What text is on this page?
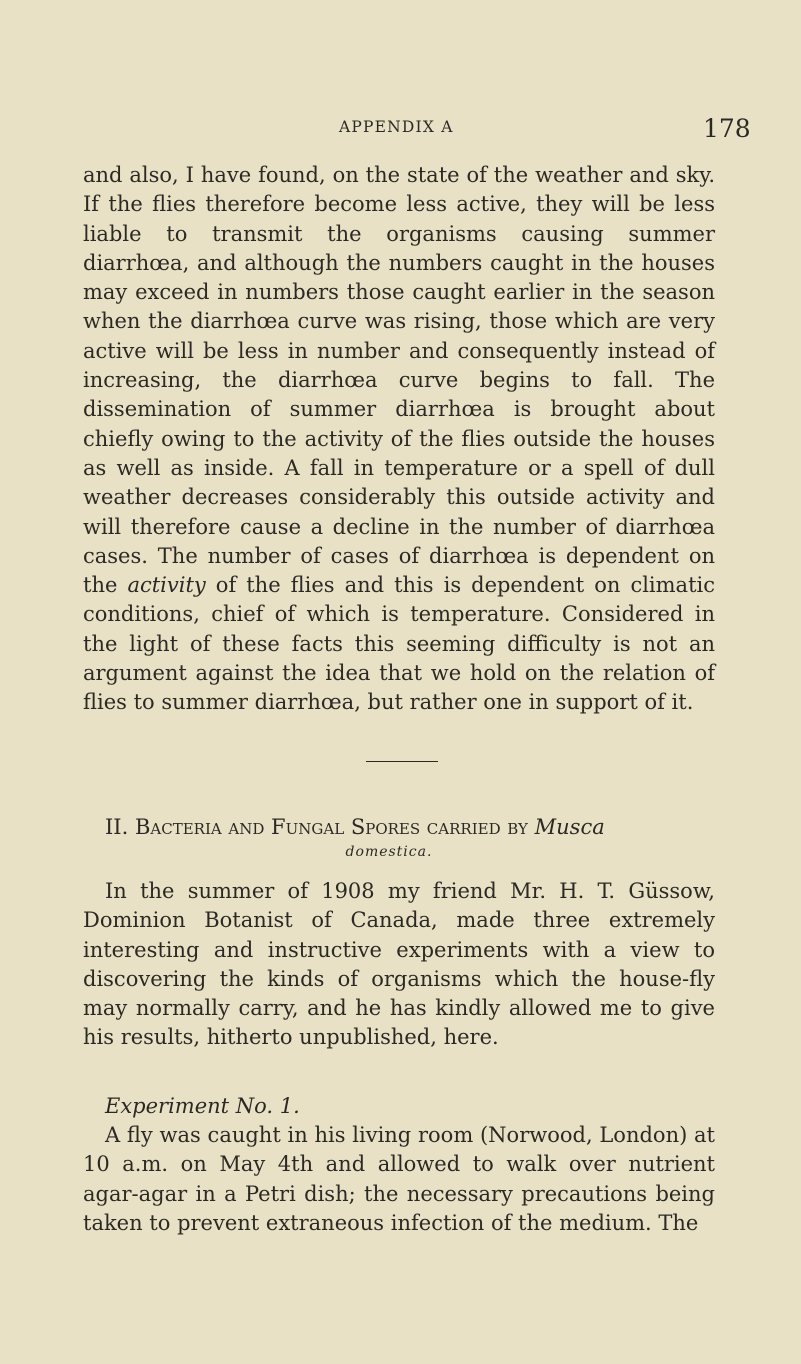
APPENDIX A	178

and also, I have found, on the state of the weather and sky. If the flies therefore become less active, they will be less liable to transmit the organisms causing summer diarrhœa, and although the numbers caught in the houses may exceed in numbers those caught earlier in the season when the diarrhœa curve was rising, those which are very active will be less in number and consequently instead of increasing, the diarrhœa curve begins to fall. The dissemination of summer diarrhœa is brought about chiefly owing to the activity of the flies outside the houses as well as inside. A fall in temperature or a spell of dull weather decreases considerably this outside activity and will therefore cause a decline in the number of diarrhœa cases. The number of cases of diarrhœa is dependent on the activity of the flies and this is dependent on climatic conditions, chief of which is temperature. Considered in the light of these facts this seeming difficulty is not an argument against the idea that we hold on the relation of flies to summer diarrhœa, but rather one in support of it.

II. Bacteria and Fungal Spores carried by Musca
domestica.

In the summer of 1908 my friend Mr. H. T. Güssow, Dominion Botanist of Canada, made three extremely interesting and instructive experiments with a view to discovering the kinds of organisms which the house-fly may normally carry, and he has kindly allowed me to give his results, hitherto unpublished, here.

Experiment No. 1.

A fly was caught in his living room (Norwood, London) at 10 a.m. on May 4th and allowed to walk over nutrient agar-agar in a Petri dish; the necessary precautions being taken to prevent extraneous infection of the medium. The
